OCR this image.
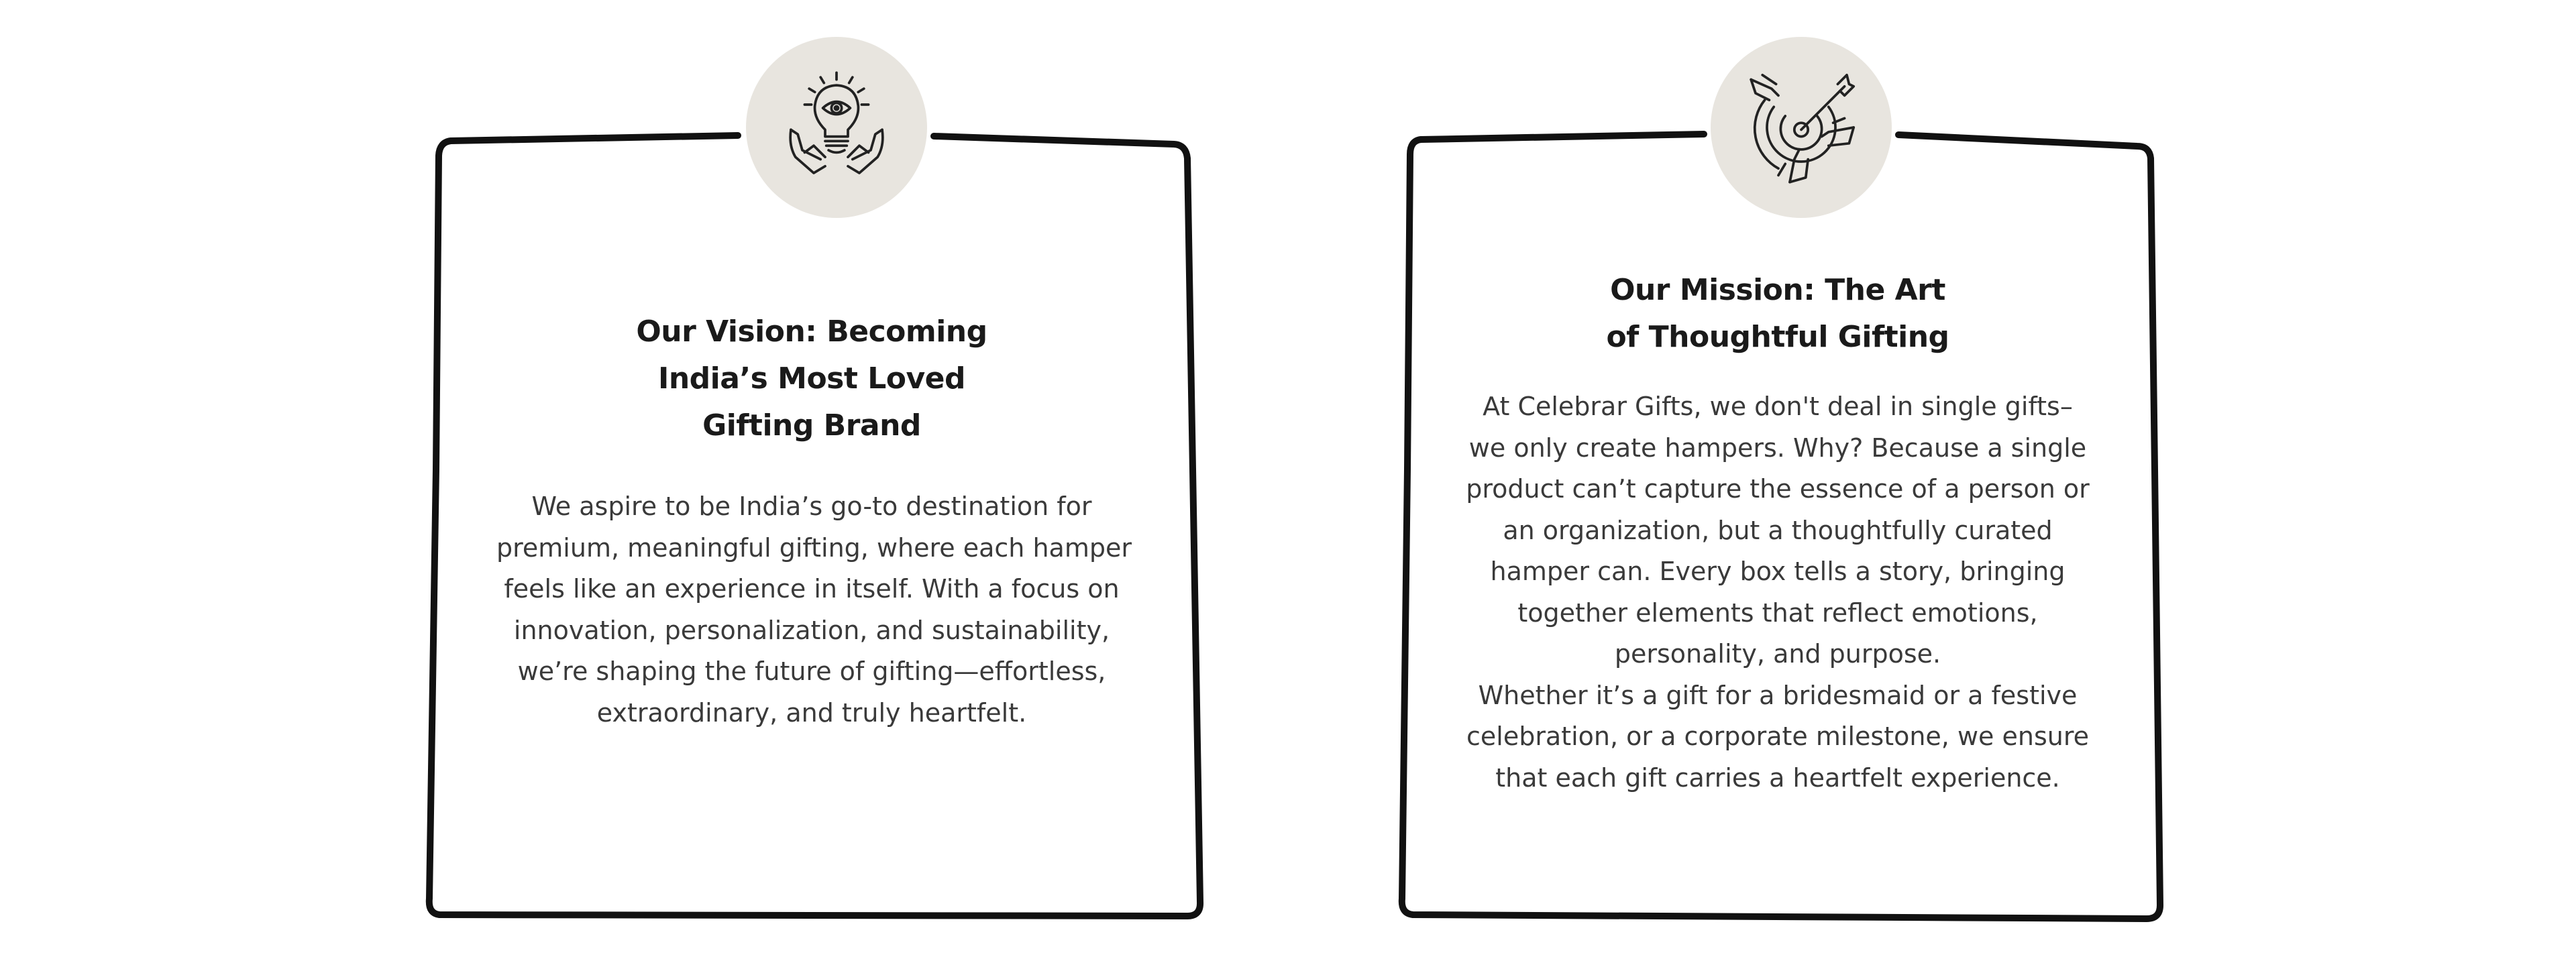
Our Vision: Becoming
India’s Most Loved
Gifting Brand
We aspire to be India’s go-to destination for
premium, meaningful gifting, where each hamper
feels like an experience in itself. With a focus on
innovation, personalization, and sustainability,
we’re shaping the future of gifting—effortless,
extraordinary, and truly heartfelt.
Our Mission: The Art
of Thoughtful Gifting
At Celebrar Gifts, we don't deal in single gifts–
we only create hampers. Why? Because a single
product can’t capture the essence of a person or
an organization, but a thoughtfully curated
hamper can. Every box tells a story, bringing
together elements that reflect emotions,
personality, and purpose.
Whether it’s a gift for a bridesmaid or a festive
celebration, or a corporate milestone, we ensure
that each gift carries a heartfelt experience.
